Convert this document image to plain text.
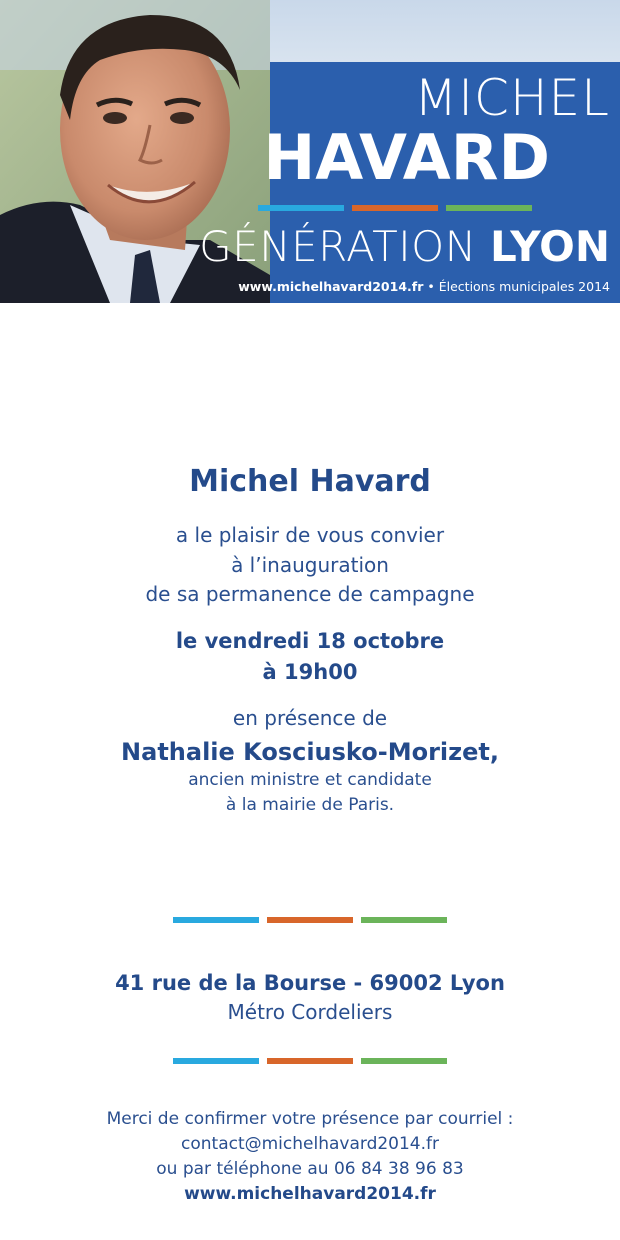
MICHEL
HAVARD
GÉNÉRATION LYON
www.michelhavard2014.fr • Élections municipales 2014
Michel Havard
a le plaisir de vous convier
à l’inauguration
de sa permanence de campagne
le vendredi 18 octobre
à 19h00
en présence de
Nathalie Kosciusko-Morizet,
ancien ministre et candidate
à la mairie de Paris.
41 rue de la Bourse - 69002 Lyon
Métro Cordeliers
Merci de confirmer votre présence par courriel :
contact@michelhavard2014.fr
ou par téléphone au 06 84 38 96 83
www.michelhavard2014.fr
